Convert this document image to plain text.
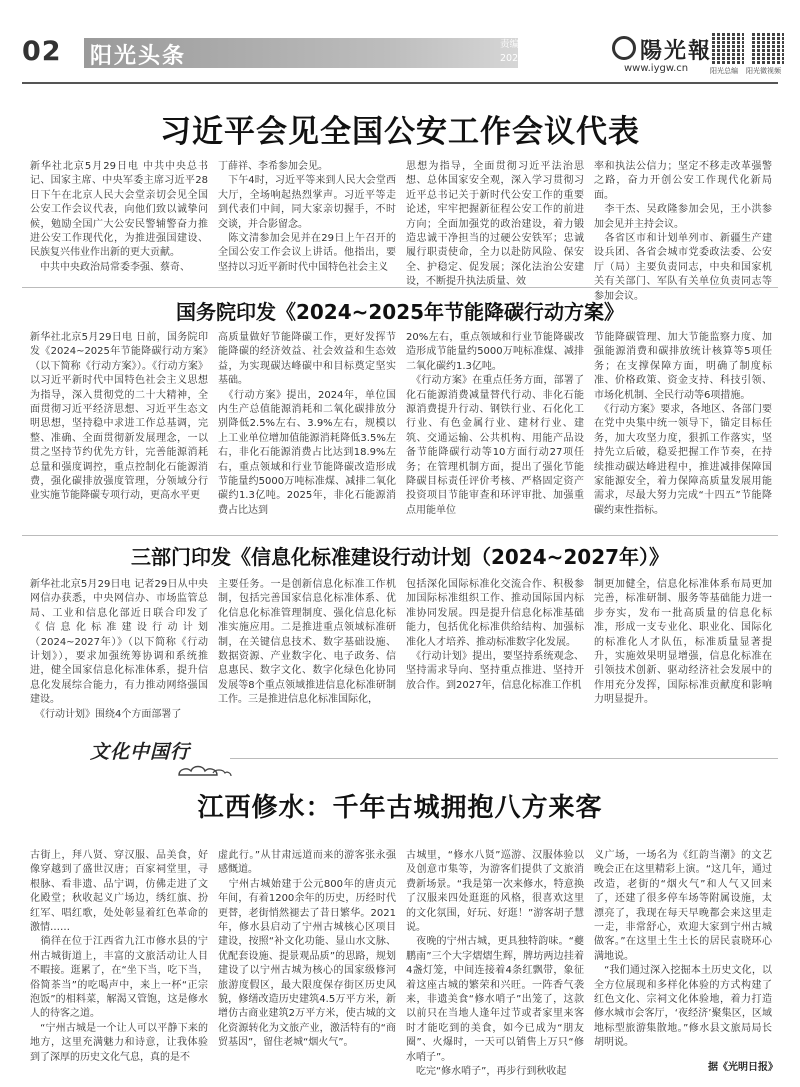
02 阳光头条	责编 王怡纯 校对 王燮
2024年5月30日 星期四	陽光報
www.iygw.cn	阳光总编 阳光微视频
习近平会见全国公安工作会议代表
新华社北京5月29日电 中共中央总书记、国家主席、中央军委主席习近平28日下午在北京人民大会堂亲切会见全国公安工作会议代表，向他们致以诚挚问候，勉励全国广大公安民警辅警奋力推进公安工作现代化，为推进强国建设、民族复兴伟业作出新的更大贡献。
　中共中央政治局常委李强、蔡奇、
丁薛祥、李希参加会见。
　下午4时，习近平等来到人民大会堂西大厅，全场响起热烈掌声。习近平等走到代表们中间，同大家亲切握手，不时交谈，并合影留念。
　陈文清参加会见并在29日上午召开的全国公安工作会议上讲话。他指出，要坚持以习近平新时代中国特色社会主义
思想为指导，全面贯彻习近平法治思想、总体国家安全观，深入学习贯彻习近平总书记关于新时代公安工作的重要论述，牢牢把握新征程公安工作的前进方向；全面加强党的政治建设，着力锻造忠诚干净担当的过硬公安铁军；忠诚履行职责使命，全力以赴防风险、保安全、护稳定、促发展；深化法治公安建设，不断提升执法质量、效
率和执法公信力；坚定不移走改革强警之路，奋力开创公安工作现代化新局面。
　李干杰、吴政隆参加会见，王小洪参加会见并主持会议。
　各省区市和计划单列市、新疆生产建设兵团、各省会城市党委政法委、公安厅（局）主要负责同志，中央和国家机关有关部门、军队有关单位负责同志等参加会议。
国务院印发《2024~2025年节能降碳行动方案》
新华社北京5月29日电 日前，国务院印发《2024~2025年节能降碳行动方案》（以下简称《行动方案》）。《行动方案》以习近平新时代中国特色社会主义思想为指导，深入贯彻党的二十大精神，全面贯彻习近平经济思想、习近平生态文明思想，坚持稳中求进工作总基调，完整、准确、全面贯彻新发展理念，一以贯之坚持节约优先方针，完善能源消耗总量和强度调控，重点控制化石能源消费，强化碳排放强度管理，分领域分行业实施节能降碳专项行动，更高水平更
高质量做好节能降碳工作，更好发挥节能降碳的经济效益、社会效益和生态效益，为实现碳达峰碳中和目标奠定坚实基础。
　《行动方案》提出，2024年，单位国内生产总值能源消耗和二氧化碳排放分别降低2.5%左右、3.9%左右，规模以上工业单位增加值能源消耗降低3.5%左右，非化石能源消费占比达到18.9%左右，重点领域和行业节能降碳改造形成节能量约5000万吨标准煤、减排二氧化碳约1.3亿吨。2025年，非化石能源消费占比达到
20%左右，重点领域和行业节能降碳改造形成节能量约5000万吨标准煤、减排二氧化碳约1.3亿吨。
　《行动方案》在重点任务方面，部署了化石能源消费减量替代行动、非化石能源消费提升行动、钢铁行业、石化化工行业、有色金属行业、建材行业、建筑、交通运输、公共机构、用能产品设备节能降碳行动等10方面行动27项任务；在管理机制方面，提出了强化节能降碳目标责任评价考核、严格固定资产投资项目节能审查和环评审批、加强重点用能单位
节能降碳管理、加大节能监察力度、加强能源消费和碳排放统计核算等5项任务；在支撑保障方面，明确了制度标准、价格政策、资金支持、科技引领、市场化机制、全民行动等6项措施。
　《行动方案》要求，各地区、各部门要在党中央集中统一领导下，锚定目标任务，加大攻坚力度，狠抓工作落实，坚持先立后破，稳妥把握工作节奏，在持续推动碳达峰进程中，推进减排保障国家能源安全，着力保障高质量发展用能需求，尽最大努力完成“十四五”节能降碳约束性指标。
三部门印发《信息化标准建设行动计划（2024~2027年）》
新华社北京5月29日电 记者29日从中央网信办获悉，中央网信办、市场监管总局、工业和信息化部近日联合印发了《信息化标准建设行动计划（2024~2027年）》（以下简称《行动计划》），要求加强统筹协调和系统推进，健全国家信息化标准体系，提升信息化发展综合能力，有力推动网络强国建设。
　《行动计划》围绕4个方面部署了
主要任务。一是创新信息化标准工作机制，包括完善国家信息化标准体系、优化信息化标准管理制度、强化信息化标准实施应用。二是推进重点领域标准研制，在关键信息技术、数字基础设施、数据资源、产业数字化、电子政务、信息惠民、数字文化、数字化绿色化协同发展等8个重点领域推进信息化标准研制工作。三是推进信息化标准国际化，
包括深化国际标准化交流合作、积极参加国际标准组织工作、推动国际国内标准协同发展。四是提升信息化标准基础能力，包括优化标准供给结构、加强标准化人才培养、推动标准数字化发展。
　《行动计划》提出，要坚持系统观念、坚持需求导向、坚持重点推进、坚持开放合作。到2027年，信息化标准工作机
制更加健全，信息化标准体系布局更加完善，标准研制、服务等基础能力进一步夯实，发布一批高质量的信息化标准，形成一支专业化、职业化、国际化的标准化人才队伍，标准质量显著提升，实施效果明显增强，信息化标准在引领技术创新、驱动经济社会发展中的作用充分发挥，国际标准贡献度和影响力明显提升。
文化中国行
江西修水：千年古城拥抱八方来客
古街上，拜八贤、穿汉服、品美食，好像穿越到了盛世汉唐；百家祠堂里，寻根脉、看非遗、品宁调，仿佛走进了文化殿堂；秋收起义广场边，绣红旗、扮红军、唱红歌，处处彰显着红色革命的激情……
　徜徉在位于江西省九江市修水县的宁州古城街道上，丰富的文旅活动让人目不暇接。逛累了，在“坐下当，吃下当，俗简茶当”的吃喝声中，来上一杯“正宗泡饭”的相料菜，解渴又管饱，这是修水人的待客之道。
　“宁州古城是一个让人可以平静下来的地方，这里充满魅力和诗意，让我体验到了深厚的历史文化气息，真的是不
虚此行。”从甘肃远道而来的游客张永强感慨道。
　宁州古城始建于公元800年的唐贞元年间，有着1200余年的历史，历经时代更替，老街悄然褪去了昔日繁华。2021年，修水县启动了宁州古城核心区项目建设，按照“补文化功能、显山水文脉、优配套设施、提景观品质”的思路，规划建设了以宁州古城为核心的国家级修河旅游度假区，最大限度保存街区历史风貌，修缮改造历史建筑4.5万平方米，新增仿古商业建筑2万平方米，使古城的文化资源转化为文旅产业，激活特有的“商贸基因”，留住老城“烟火气”。
古城里，“修水八贤”巡游、汉服体验以及创意市集等，为游客们提供了文旅消费新场景。“我是第一次来修水，特意换了汉服来四处逛逛的风格，很喜欢这里的文化氛围，好玩、好逛！”游客胡子慧说。
　夜晚的宁州古城，更具独特韵味。“夔鹏南”三个大字熠熠生辉，牌坊两边挂着4盏灯笼，中间连接着4条红飘带，象征着这座古城的繁荣和兴旺。一阵香气袭来，非遗美食“修水哨子”出笼了，这款以前只在当地人逢年过节或者家里来客时才能吃到的美食，如今已成为“朋友圈”、火爆时，一天可以销售上万只“修水哨子”。
　吃完“修水哨子”，再步行到秋收起
义广场，一场名为《红韵当潮》的文艺晚会正在这里精彩上演。“这几年，通过改造，老街的“烟火气”和人气又回来了，还建了很多停车场等附属设施，太漂亮了，我现在每天早晚都会来这里走一走，非常舒心，欢迎大家到宁州古城做客。”在这里土生土长的居民袁晓环心满地说。
　“我们通过深入挖掘本土历史文化，以全方位展现和多样化体验的方式构建了红色文化、宗祠文化体验地，着力打造修水城市会客厅，‘夜经济’聚集区，区域地标型旅游集散地。”修水县文旅局局长胡明说。
据《光明日报》
